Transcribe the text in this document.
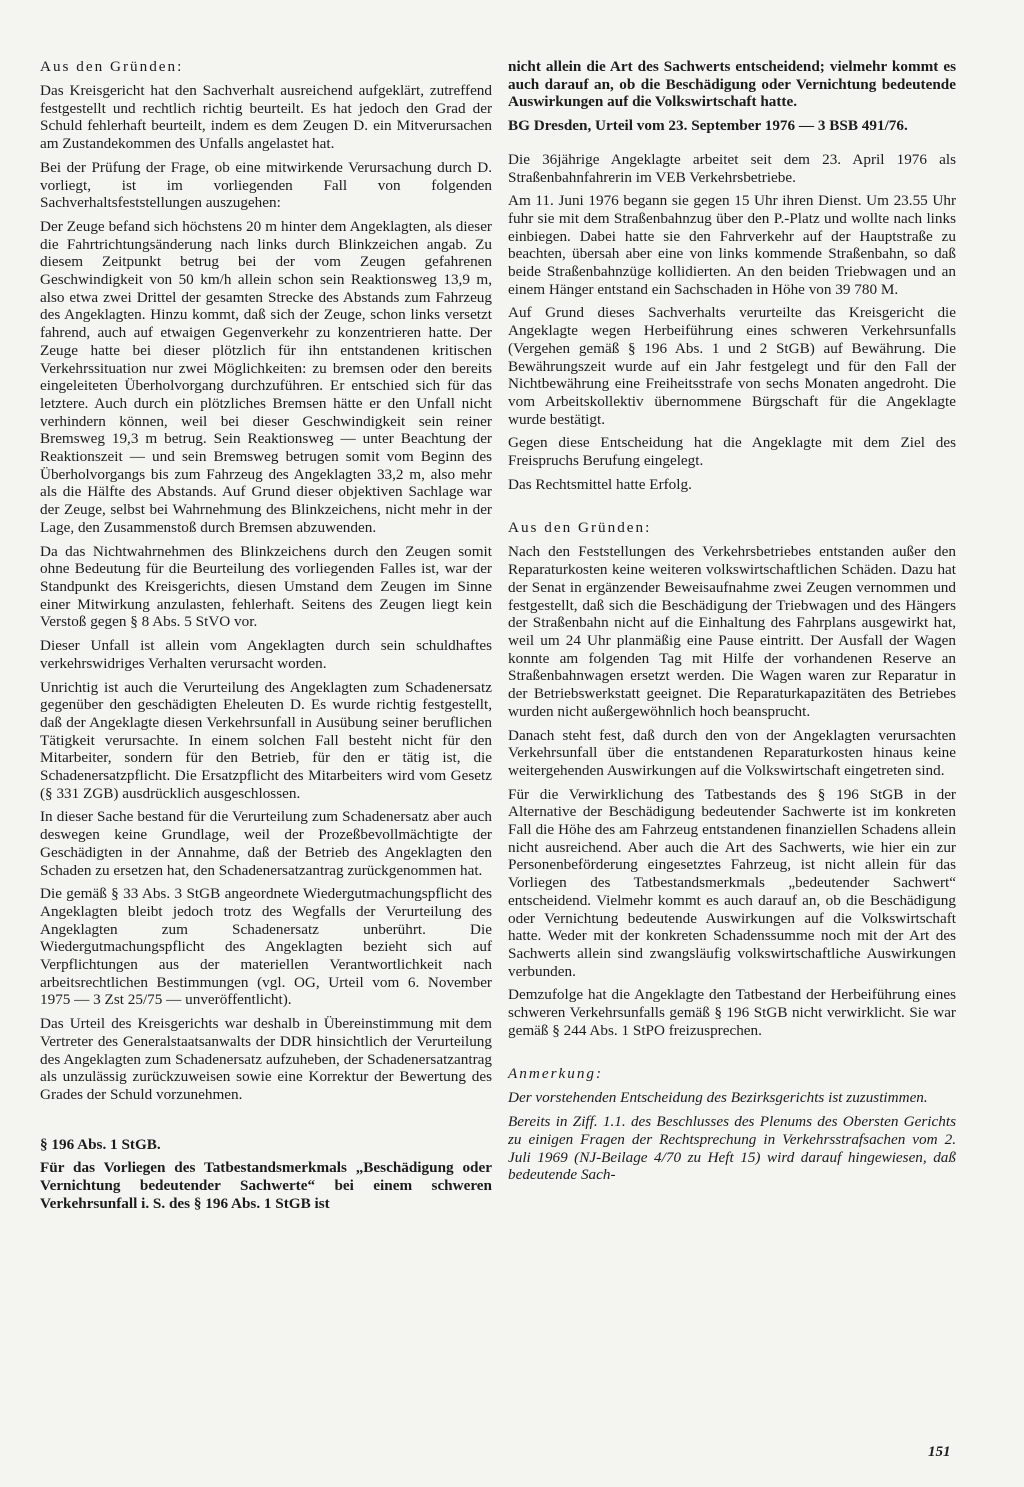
Aus den Gründen:

Das Kreisgericht hat den Sachverhalt ausreichend aufgeklärt, zutreffend festgestellt und rechtlich richtig beurteilt. Es hat jedoch den Grad der Schuld fehlerhaft beurteilt, indem es dem Zeugen D. ein Mitverursachen am Zustandekommen des Unfalls angelastet hat.

Bei der Prüfung der Frage, ob eine mitwirkende Verursachung durch D. vorliegt, ist im vorliegenden Fall von folgenden Sachverhaltsfeststellungen auszugehen:

Der Zeuge befand sich höchstens 20 m hinter dem Angeklagten, als dieser die Fahrtrichtungsänderung nach links durch Blinkzeichen angab. Zu diesem Zeitpunkt betrug bei der vom Zeugen gefahrenen Geschwindigkeit von 50 km/h allein schon sein Reaktionsweg 13,9 m, also etwa zwei Drittel der gesamten Strecke des Abstands zum Fahrzeug des Angeklagten. Hinzu kommt, daß sich der Zeuge, schon links versetzt fahrend, auch auf etwaigen Gegenverkehr zu konzentrieren hatte. Der Zeuge hatte bei dieser plötzlich für ihn entstandenen kritischen Verkehrssituation nur zwei Möglichkeiten: zu bremsen oder den bereits eingeleiteten Überholvorgang durchzuführen. Er entschied sich für das letztere. Auch durch ein plötzliches Bremsen hätte er den Unfall nicht verhindern können, weil bei dieser Geschwindigkeit sein reiner Bremsweg 19,3 m betrug. Sein Reaktionsweg — unter Beachtung der Reaktionszeit — und sein Bremsweg betrugen somit vom Beginn des Überholvorgangs bis zum Fahrzeug des Angeklagten 33,2 m, also mehr als die Hälfte des Abstands. Auf Grund dieser objektiven Sachlage war der Zeuge, selbst bei Wahrnehmung des Blinkzeichens, nicht mehr in der Lage, den Zusammenstoß durch Bremsen abzuwenden.

Da das Nichtwahrnehmen des Blinkzeichens durch den Zeugen somit ohne Bedeutung für die Beurteilung des vorliegenden Falles ist, war der Standpunkt des Kreisgerichts, diesen Umstand dem Zeugen im Sinne einer Mitwirkung anzulasten, fehlerhaft. Seitens des Zeugen liegt kein Verstoß gegen § 8 Abs. 5 StVO vor.

Dieser Unfall ist allein vom Angeklagten durch sein schuldhaftes verkehrswidriges Verhalten verursacht worden.

Unrichtig ist auch die Verurteilung des Angeklagten zum Schadenersatz gegenüber den geschädigten Eheleuten D. Es wurde richtig festgestellt, daß der Angeklagte diesen Verkehrsunfall in Ausübung seiner beruflichen Tätigkeit verursachte. In einem solchen Fall besteht nicht für den Mitarbeiter, sondern für den Betrieb, für den er tätig ist, die Schadenersatzpflicht. Die Ersatzpflicht des Mitarbeiters wird vom Gesetz (§ 331 ZGB) ausdrücklich ausgeschlossen.

In dieser Sache bestand für die Verurteilung zum Schadenersatz aber auch deswegen keine Grundlage, weil der Prozeßbevollmächtigte der Geschädigten in der Annahme, daß der Betrieb des Angeklagten den Schaden zu ersetzen hat, den Schadenersatzantrag zurückgenommen hat.

Die gemäß § 33 Abs. 3 StGB angeordnete Wiedergutmachungspflicht des Angeklagten bleibt jedoch trotz des Wegfalls der Verurteilung des Angeklagten zum Schadenersatz unberührt. Die Wiedergutmachungspflicht des Angeklagten bezieht sich auf Verpflichtungen aus der materiellen Verantwortlichkeit nach arbeitsrechtlichen Bestimmungen (vgl. OG, Urteil vom 6. November 1975 — 3 Zst 25/75 — unveröffentlicht).

Das Urteil des Kreisgerichts war deshalb in Übereinstimmung mit dem Vertreter des Generalstaatsanwalts der DDR hinsichtlich der Verurteilung des Angeklagten zum Schadenersatz aufzuheben, der Schadenersatzantrag als unzulässig zurückzuweisen sowie eine Korrektur der Bewertung des Grades der Schuld vorzunehmen.

§ 196 Abs. 1 StGB.

Für das Vorliegen des Tatbestandsmerkmals „Beschädigung oder Vernichtung bedeutender Sachwerte“ bei einem schweren Verkehrsunfall i. S. des § 196 Abs. 1 StGB ist

nicht allein die Art des Sachwerts entscheidend; vielmehr kommt es auch darauf an, ob die Beschädigung oder Vernichtung bedeutende Auswirkungen auf die Volkswirtschaft hatte.

BG Dresden, Urteil vom 23. September 1976 — 3 BSB 491/76.

Die 36jährige Angeklagte arbeitet seit dem 23. April 1976 als Straßenbahnfahrerin im VEB Verkehrsbetriebe.

Am 11. Juni 1976 begann sie gegen 15 Uhr ihren Dienst. Um 23.55 Uhr fuhr sie mit dem Straßenbahnzug über den P.-Platz und wollte nach links einbiegen. Dabei hatte sie den Fahrverkehr auf der Hauptstraße zu beachten, übersah aber eine von links kommende Straßenbahn, so daß beide Straßenbahnzüge kollidierten. An den beiden Triebwagen und an einem Hänger entstand ein Sachschaden in Höhe von 39 780 M.

Auf Grund dieses Sachverhalts verurteilte das Kreisgericht die Angeklagte wegen Herbeiführung eines schweren Verkehrsunfalls (Vergehen gemäß § 196 Abs. 1 und 2 StGB) auf Bewährung. Die Bewährungszeit wurde auf ein Jahr festgelegt und für den Fall der Nichtbewährung eine Freiheitsstrafe von sechs Monaten angedroht. Die vom Arbeitskollektiv übernommene Bürgschaft für die Angeklagte wurde bestätigt.

Gegen diese Entscheidung hat die Angeklagte mit dem Ziel des Freispruchs Berufung eingelegt.

Das Rechtsmittel hatte Erfolg.

Aus den Gründen:

Nach den Feststellungen des Verkehrsbetriebes entstanden außer den Reparaturkosten keine weiteren volkswirtschaftlichen Schäden. Dazu hat der Senat in ergänzender Beweisaufnahme zwei Zeugen vernommen und festgestellt, daß sich die Beschädigung der Triebwagen und des Hängers der Straßenbahn nicht auf die Einhaltung des Fahrplans ausgewirkt hat, weil um 24 Uhr planmäßig eine Pause eintritt. Der Ausfall der Wagen konnte am folgenden Tag mit Hilfe der vorhandenen Reserve an Straßenbahnwagen ersetzt werden. Die Wagen waren zur Reparatur in der Betriebswerkstatt geeignet. Die Reparaturkapazitäten des Betriebes wurden nicht außergewöhnlich hoch beansprucht.

Danach steht fest, daß durch den von der Angeklagten verursachten Verkehrsunfall über die entstandenen Reparaturkosten hinaus keine weitergehenden Auswirkungen auf die Volkswirtschaft eingetreten sind.

Für die Verwirklichung des Tatbestands des § 196 StGB in der Alternative der Beschädigung bedeutender Sachwerte ist im konkreten Fall die Höhe des am Fahrzeug entstandenen finanziellen Schadens allein nicht ausreichend. Aber auch die Art des Sachwerts, wie hier ein zur Personenbeförderung eingesetztes Fahrzeug, ist nicht allein für das Vorliegen des Tatbestandsmerkmals „bedeutender Sachwert“ entscheidend. Vielmehr kommt es auch darauf an, ob die Beschädigung oder Vernichtung bedeutende Auswirkungen auf die Volkswirtschaft hatte. Weder mit der konkreten Schadenssumme noch mit der Art des Sachwerts allein sind zwangsläufig volkswirtschaftliche Auswirkungen verbunden.

Demzufolge hat die Angeklagte den Tatbestand der Herbeiführung eines schweren Verkehrsunfalls gemäß § 196 StGB nicht verwirklicht. Sie war gemäß § 244 Abs. 1 StPO freizusprechen.

Anmerkung:

Der vorstehenden Entscheidung des Bezirksgerichts ist zuzustimmen.

Bereits in Ziff. 1.1. des Beschlusses des Plenums des Obersten Gerichts zu einigen Fragen der Rechtsprechung in Verkehrsstrafsachen vom 2. Juli 1969 (NJ-Beilage 4/70 zu Heft 15) wird darauf hingewiesen, daß bedeutende Sach-

151
